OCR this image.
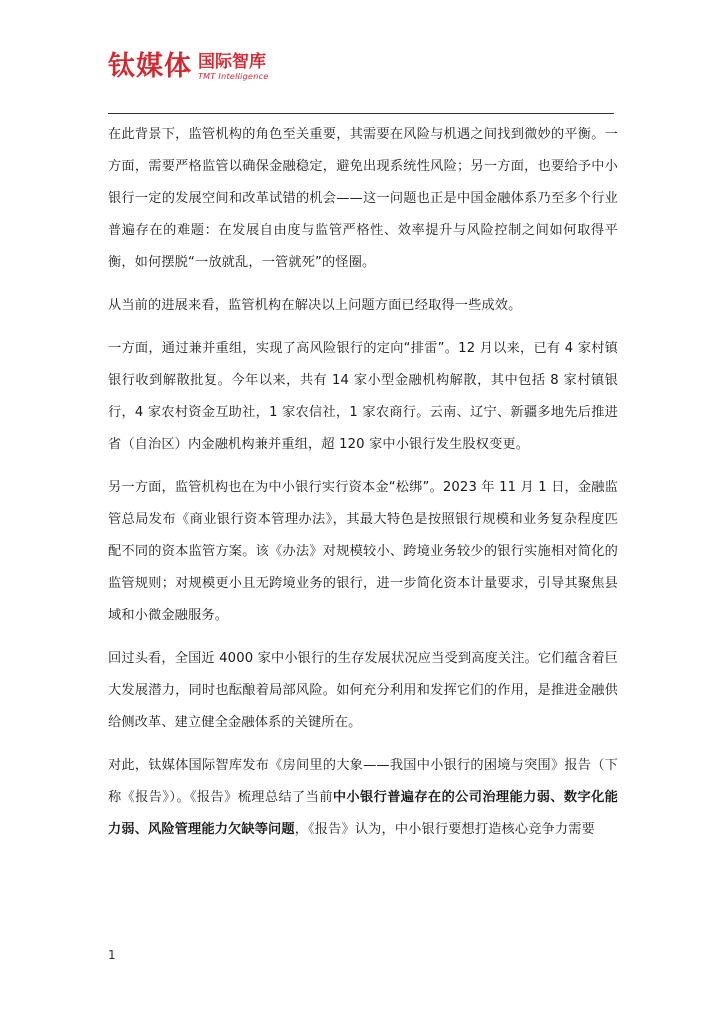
钛媒体 国际智库
TMT Intelligence

在此背景下，监管机构的角色至关重要，其需要在风险与机遇之间找到微妙的平衡。一方面，需要严格监管以确保金融稳定，避免出现系统性风险；另一方面，也要给予中小银行一定的发展空间和改革试错的机会——这一问题也正是中国金融体系乃至多个行业普遍存在的难题：在发展自由度与监管严格性、效率提升与风险控制之间如何取得平衡，如何摆脱“一放就乱，一管就死”的怪圈。

从当前的进展来看，监管机构在解决以上问题方面已经取得一些成效。

一方面，通过兼并重组，实现了高风险银行的定向“排雷”。12 月以来，已有 4 家村镇银行收到解散批复。今年以来，共有 14 家小型金融机构解散，其中包括 8 家村镇银行，4 家农村资金互助社，1 家农信社，1 家农商行。云南、辽宁、新疆多地先后推进省（自治区）内金融机构兼并重组，超 120 家中小银行发生股权变更。

另一方面，监管机构也在为中小银行实行资本金“松绑”。2023 年 11 月 1 日，金融监管总局发布《商业银行资本管理办法》，其最大特色是按照银行规模和业务复杂程度匹配不同的资本监管方案。该《办法》对规模较小、跨境业务较少的银行实施相对简化的监管规则；对规模更小且无跨境业务的银行，进一步简化资本计量要求，引导其聚焦县域和小微金融服务。

回过头看，全国近 4000 家中小银行的生存发展状况应当受到高度关注。它们蕴含着巨大发展潜力，同时也酝酿着局部风险。如何充分利用和发挥它们的作用，是推进金融供给侧改革、建立健全金融体系的关键所在。

对此，钛媒体国际智库发布《房间里的大象——我国中小银行的困境与突围》报告（下称《报告》）。《报告》梳理总结了当前中小银行普遍存在的公司治理能力弱、数字化能力弱、风险管理能力欠缺等问题，《报告》认为，中小银行要想打造核心竞争力需要

1
